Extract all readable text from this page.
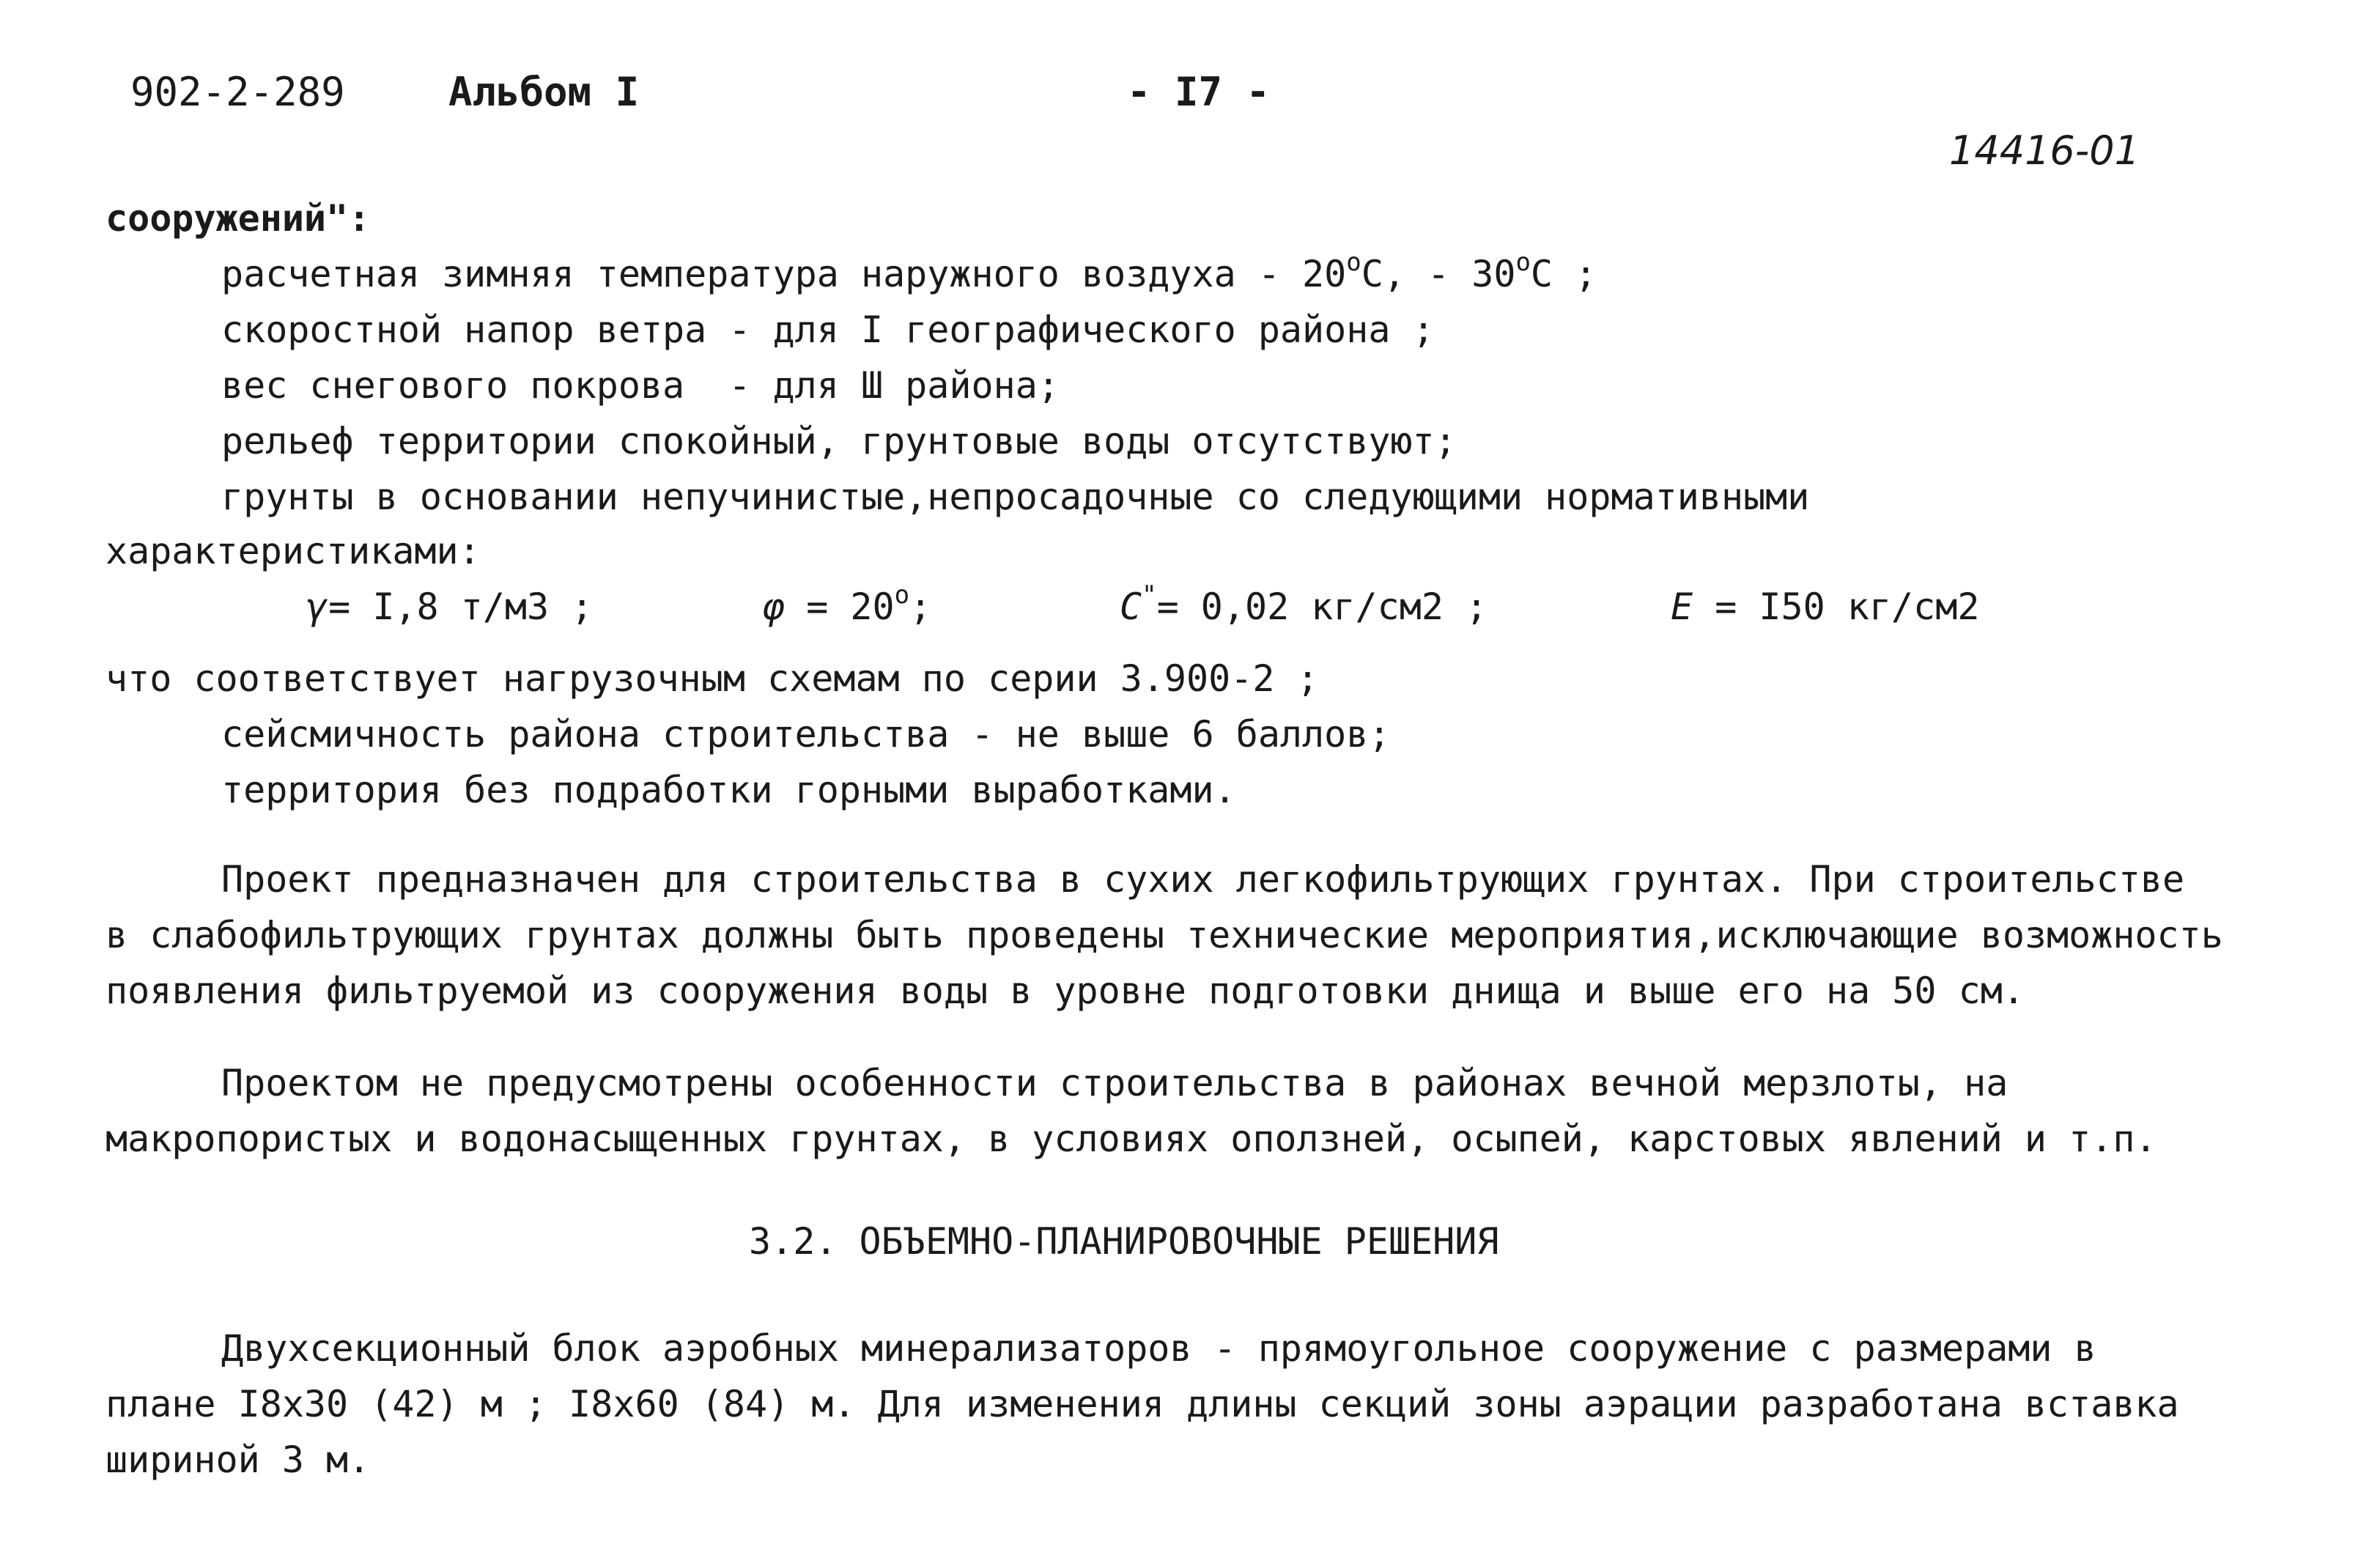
902-2-289	Альбом I	- I7 -
14416-01
сооружений":
расчетная зимняя температура наружного воздуха - $20^оС$, - $30^оС$ ;
скоростной напор ветра - для I географического района ;
вес снегового покрова  - для Ш района;
рельеф территории спокойный, грунтовые воды отсутствуют;
грунты в основании непучинистые,непросадочные со следующими нормативными
характеристиками:
γ= I,8 т/м3 ;	$\varphi = 20^о$;	C"= 0,02 кг/см2 ;	E = I50 кг/см2
что соответствует нагрузочным схемам по серии 3.900-2 ;
сейсмичность района строительства - не выше 6 баллов;
территория без подработки горными выработками.
Проект предназначен для строительства в сухих легкофильтрующих грунтах. При строительстве
в слабофильтрующих грунтах должны быть проведены технические мероприятия,исключающие возможность
появления фильтруемой из сооружения воды в уровне подготовки днища и выше его на 50 см.
Проектом не предусмотрены особенности строительства в районах вечной мерзлоты, на
макропористых и водонасыщенных грунтах, в условиях оползней, осыпей, карстовых явлений и т.п.
3.2. ОБЪЕМНО-ПЛАНИРОВОЧНЫЕ РЕШЕНИЯ
Двухсекционный блок аэробных минерализаторов - прямоугольное сооружение с размерами в
плане I8x30 (42) м ; I8x60 (84) м. Для изменения длины секций зоны аэрации разработана вставка
шириной 3 м.
